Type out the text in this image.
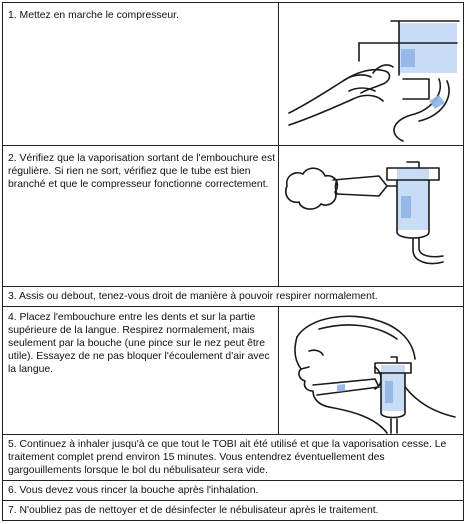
1. Mettez en marche le compresseur.
2. Vérifiez que la vaporisation sortant de l'embouchure est régulière. Si rien ne sort, vérifiez que le tube est bien branché et que le compresseur fonctionne correctement.
3. Assis ou debout, tenez-vous droit de manière à pouvoir respirer normalement.
4. Placez l'embouchure entre les dents et sur la partie supérieure de la langue. Respirez normalement, mais seulement par la bouche (une pince sur le nez peut être utile). Essayez de ne pas bloquer l'écoulement d'air avec la langue.
5. Continuez à inhaler jusqu'à ce que tout le TOBI ait été utilisé et que la vaporisation cesse. Le traitement complet prend environ 15 minutes. Vous entendrez éventuellement des gargouillements lorsque le bol du nébulisateur sera vide.
6. Vous devez vous rincer la bouche après l'inhalation.
7. N'oubliez pas de nettoyer et de désinfecter le nébulisateur après le traitement.
